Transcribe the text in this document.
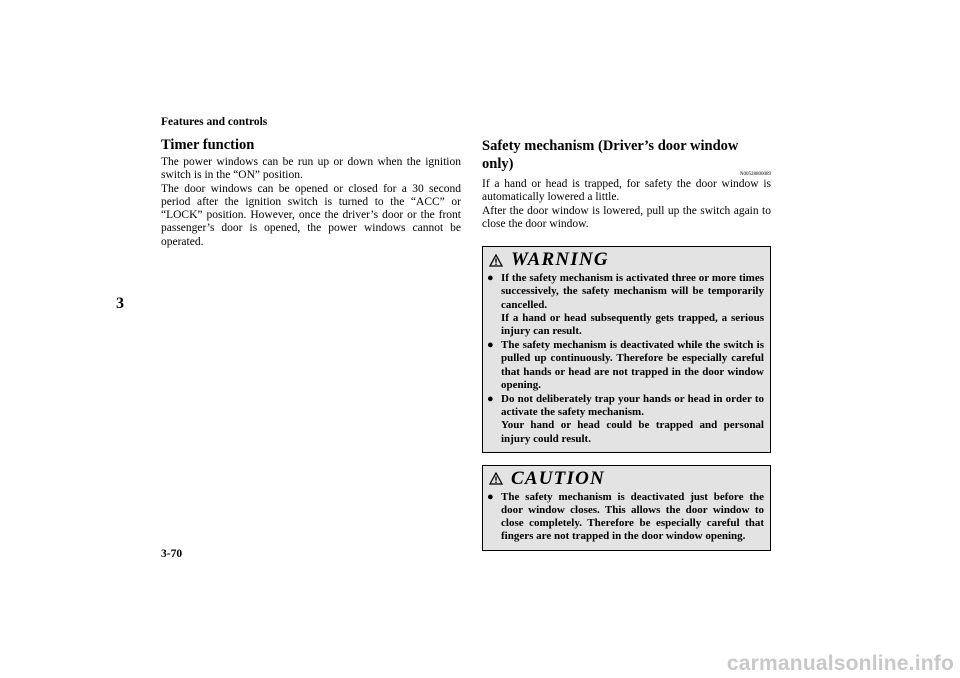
Features and controls
3
Timer function

The power windows can be run up or down when the ignition switch is in the “ON” position.

The door windows can be opened or closed for a 30 second period after the ignition switch is turned to the “ACC” or “LOCK” position. However, once the driver’s door or the front passenger’s door is opened, the power windows cannot be operated.

Safety mechanism (Driver’s door window only)
N00528800089

If a hand or head is trapped, for safety the door window is automatically lowered a little.

After the door window is lowered, pull up the switch again to close the door window.

WARNING
● If the safety mechanism is activated three or more times successively, the safety mechanism will be temporarily cancelled.

If a hand or head subsequently gets trapped, a serious injury can result.

● The safety mechanism is deactivated while the switch is pulled up continuously. Therefore be especially careful that hands or head are not trapped in the door window opening.

● Do not deliberately trap your hands or head in order to activate the safety mechanism.

Your hand or head could be trapped and personal injury could result.

CAUTION
● The safety mechanism is deactivated just before the door window closes. This allows the door window to close completely. Therefore be especially careful that fingers are not trapped in the door window opening.

3-70
carmanualsonline.info
